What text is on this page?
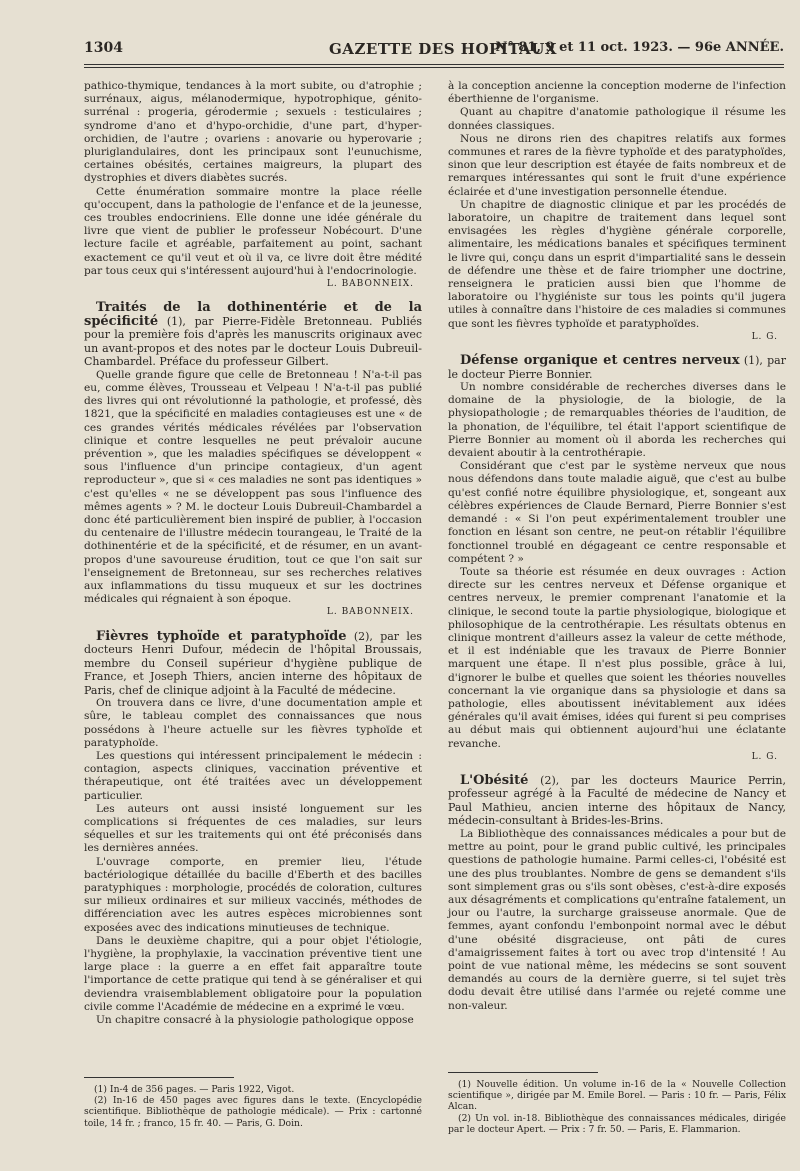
1304	GAZETTE DES HOPITAUX
N° 81, 9 et 11 oct. 1923. — 96e ANNÉE.

pathico-thymique, tendances à la mort subite, ou d'atrophie ; surrénaux, aigus, mélanodermique, hypotrophique, génito-surrénal : progeria, gérodermie ; sexuels : testiculaires ; syndrome d'ano et d'hypo-orchidie, d'une part, d'hyper-orchidien, de l'autre ; ovariens : anovarie ou hyperovarie ; pluriglandulaires, dont les principaux sont l'eunuchisme, certaines obésités, certaines maigreurs, la plupart des dystrophies et divers diabètes sucrés.

Cette énumération sommaire montre la place réelle qu'occupent, dans la pathologie de l'enfance et de la jeunesse, ces troubles endocriniens. Elle donne une idée générale du livre que vient de publier le professeur Nobécourt. D'une lecture facile et agréable, parfaitement au point, sachant exactement ce qu'il veut et où il va, ce livre doit être médité par tous ceux qui s'intéressent aujourd'hui à l'endocrinologie.

L. BABONNEIX.

Traités de la dothinentérie et de la spécificité (1), par Pierre-Fidèle Bretonneau. Publiés pour la première fois d'après les manuscrits originaux avec un avant-propos et des notes par le docteur Louis Dubreuil-Chambardel. Préface du professeur Gilbert.

Quelle grande figure que celle de Bretonneau ! N'a-t-il pas eu, comme élèves, Trousseau et Velpeau ! N'a-t-il pas publié des livres qui ont révolutionné la pathologie, et professé, dès 1821, que la spécificité en maladies contagieuses est une « de ces grandes vérités médicales révélées par l'observation clinique et contre lesquelles ne peut prévaloir aucune prévention », que les maladies spécifiques se développent « sous l'influence d'un principe contagieux, d'un agent reproducteur », que si « ces maladies ne sont pas identiques » c'est qu'elles « ne se développent pas sous l'influence des mêmes agents » ? M. le docteur Louis Dubreuil-Chambardel a donc été particulièrement bien inspiré de publier, à l'occasion du centenaire de l'illustre médecin tourangeau, le Traité de la dothinentérie et de la spécificité, et de résumer, en un avant-propos d'une savoureuse érudition, tout ce que l'on sait sur l'enseignement de Bretonneau, sur ses recherches relatives aux inflammations du tissu muqueux et sur les doctrines médicales qui régnaient à son époque.

L. BABONNEIX.

Fièvres typhoïde et paratyphoïde (2), par les docteurs Henri Dufour, médecin de l'hôpital Broussais, membre du Conseil supérieur d'hygiène publique de France, et Joseph Thiers, ancien interne des hôpitaux de Paris, chef de clinique adjoint à la Faculté de médecine.

On trouvera dans ce livre, d'une documentation ample et sûre, le tableau complet des connaissances que nous possédons à l'heure actuelle sur les fièvres typhoïde et paratyphoïde.

Les questions qui intéressent principalement le médecin : contagion, aspects cliniques, vaccination préventive et thérapeutique, ont été traitées avec un développement particulier.

Les auteurs ont aussi insisté longuement sur les complications si fréquentes de ces maladies, sur leurs séquelles et sur les traitements qui ont été préconisés dans les dernières années.

L'ouvrage comporte, en premier lieu, l'étude bactériologique détaillée du bacille d'Eberth et des bacilles paratyphiques : morphologie, procédés de coloration, cultures sur milieux ordinaires et sur milieux vaccinés, méthodes de différenciation avec les autres espèces microbiennes sont exposées avec des indications minutieuses de technique.

Dans le deuxième chapitre, qui a pour objet l'étiologie, l'hygiène, la prophylaxie, la vaccination préventive tient une large place : la guerre a en effet fait apparaître toute l'importance de cette pratique qui tend à se généraliser et qui deviendra vraisemblablement obligatoire pour la population civile comme l'Académie de médecine en a exprimé le vœu.

Un chapitre consacré à la physiologie pathologique oppose

(1) In-4 de 356 pages. — Paris 1922, Vigot.

(2) In-16 de 450 pages avec figures dans le texte. (Encyclopédie scientifique. Bibliothèque de pathologie médicale). — Prix : cartonné toile, 14 fr. ; franco, 15 fr. 40. — Paris, G. Doin.

à la conception ancienne la conception moderne de l'infection éberthienne de l'organisme.

Quant au chapitre d'anatomie pathologique il résume les données classiques.

Nous ne dirons rien des chapitres relatifs aux formes communes et rares de la fièvre typhoïde et des paratyphoïdes, sinon que leur description est étayée de faits nombreux et de remarques intéressantes qui sont le fruit d'une expérience éclairée et d'une investigation personnelle étendue.

Un chapitre de diagnostic clinique et par les procédés de laboratoire, un chapitre de traitement dans lequel sont envisagées les règles d'hygiène générale corporelle, alimentaire, les médications banales et spécifiques terminent le livre qui, conçu dans un esprit d'impartialité sans le dessein de défendre une thèse et de faire triompher une doctrine, renseignera le praticien aussi bien que l'homme de laboratoire ou l'hygiéniste sur tous les points qu'il jugera utiles à connaître dans l'histoire de ces maladies si communes que sont les fièvres typhoïde et paratyphoïdes.

L. G.

Défense organique et centres nerveux (1), par le docteur Pierre Bonnier.

Un nombre considérable de recherches diverses dans le domaine de la physiologie, de la biologie, de la physiopathologie ; de remarquables théories de l'audition, de la phonation, de l'équilibre, tel était l'apport scientifique de Pierre Bonnier au moment où il aborda les recherches qui devaient aboutir à la centrothérapie.

Considérant que c'est par le système nerveux que nous nous défendons dans toute maladie aiguë, que c'est au bulbe qu'est confié notre équilibre physiologique, et, songeant aux célèbres expériences de Claude Bernard, Pierre Bonnier s'est demandé : « Si l'on peut expérimentalement troubler une fonction en lésant son centre, ne peut-on rétablir l'équilibre fonctionnel troublé en dégageant ce centre responsable et compétent ? »

Toute sa théorie est résumée en deux ouvrages : Action directe sur les centres nerveux et Défense organique et centres nerveux, le premier comprenant l'anatomie et la clinique, le second toute la partie physiologique, biologique et philosophique de la centrothérapie. Les résultats obtenus en clinique montrent d'ailleurs assez la valeur de cette méthode, et il est indéniable que les travaux de Pierre Bonnier marquent une étape. Il n'est plus possible, grâce à lui, d'ignorer le bulbe et quelles que soient les théories nouvelles concernant la vie organique dans sa physiologie et dans sa pathologie, elles aboutissent inévitablement aux idées générales qu'il avait émises, idées qui furent si peu comprises au début mais qui obtiennent aujourd'hui une éclatante revanche.

L. G.

L'Obésité (2), par les docteurs Maurice Perrin, professeur agrégé à la Faculté de médecine de Nancy et Paul Mathieu, ancien interne des hôpitaux de Nancy, médecin-consultant à Brides-les-Brins.

La Bibliothèque des connaissances médicales a pour but de mettre au point, pour le grand public cultivé, les principales questions de pathologie humaine. Parmi celles-ci, l'obésité est une des plus troublantes. Nombre de gens se demandent s'ils sont simplement gras ou s'ils sont obèses, c'est-à-dire exposés aux désagréments et complications qu'entraîne fatalement, un jour ou l'autre, la surcharge graisseuse anormale. Que de femmes, ayant confondu l'embonpoint normal avec le début d'une obésité disgracieuse, ont pâti de cures d'amaigrissement faites à tort ou avec trop d'intensité ! Au point de vue national même, les médecins se sont souvent demandés au cours de la dernière guerre, si tel sujet très dodu devait être utilisé dans l'armée ou rejeté comme une non-valeur.

(1) Nouvelle édition. Un volume in-16 de la « Nouvelle Collection scientifique », dirigée par M. Emile Borel. — Paris : 10 fr. — Paris, Félix Alcan.

(2) Un vol. in-18. Bibliothèque des connaissances médicales, dirigée par le docteur Apert. — Prix : 7 fr. 50. — Paris, E. Flammarion.
